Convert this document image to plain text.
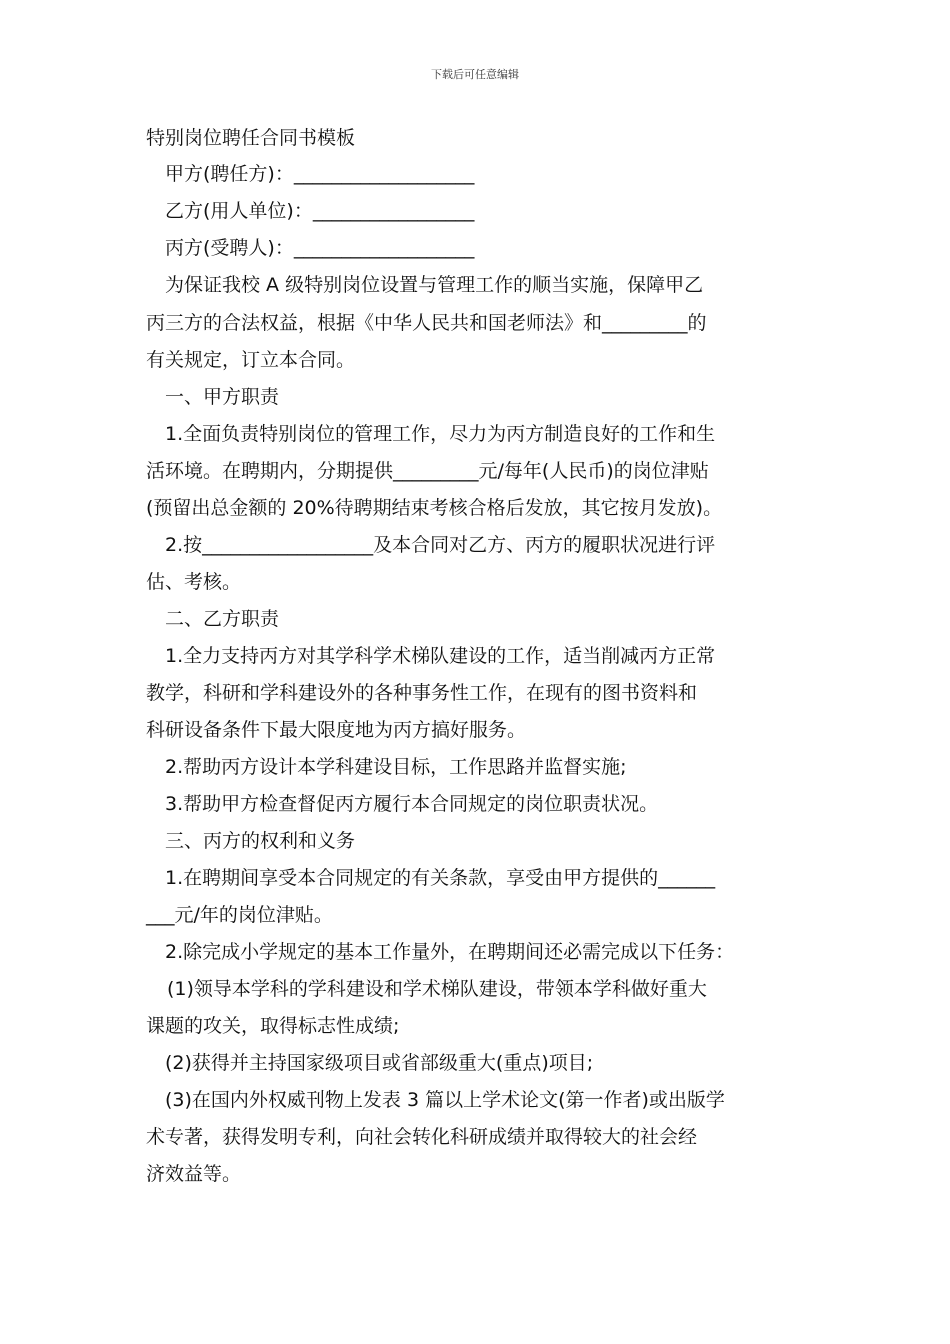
下载后可任意编辑
特别岗位聘任合同书模板
甲方(聘任方)：___________________
乙方(用人单位)：_________________
丙方(受聘人)：___________________
为保证我校 A 级特别岗位设置与管理工作的顺当实施，保障甲乙
丙三方的合法权益，根据《中华人民共和国老师法》和_________的
有关规定，订立本合同。
一、甲方职责
1.全面负责特别岗位的管理工作，尽力为丙方制造良好的工作和生
活环境。在聘期内，分期提供_________元/每年(人民币)的岗位津贴
(预留出总金额的 20%待聘期结束考核合格后发放，其它按月发放)。
2.按__________________及本合同对乙方、丙方的履职状况进行评
估、考核。
二、乙方职责
1.全力支持丙方对其学科学术梯队建设的工作，适当削减丙方正常
教学，科研和学科建设外的各种事务性工作，在现有的图书资料和
科研设备条件下最大限度地为丙方搞好服务。
2.帮助丙方设计本学科建设目标，工作思路并监督实施;
3.帮助甲方检查督促丙方履行本合同规定的岗位职责状况。
三、丙方的权利和义务
1.在聘期间享受本合同规定的有关条款，享受由甲方提供的______
___元/年的岗位津贴。
2.除完成小学规定的基本工作量外，在聘期间还必需完成以下任务：
(1)领导本学科的学科建设和学术梯队建设，带领本学科做好重大
课题的攻关，取得标志性成绩;
(2)获得并主持国家级项目或省部级重大(重点)项目;
(3)在国内外权威刊物上发表 3 篇以上学术论文(第一作者)或出版学
术专著，获得发明专利，向社会转化科研成绩并取得较大的社会经
济效益等。
